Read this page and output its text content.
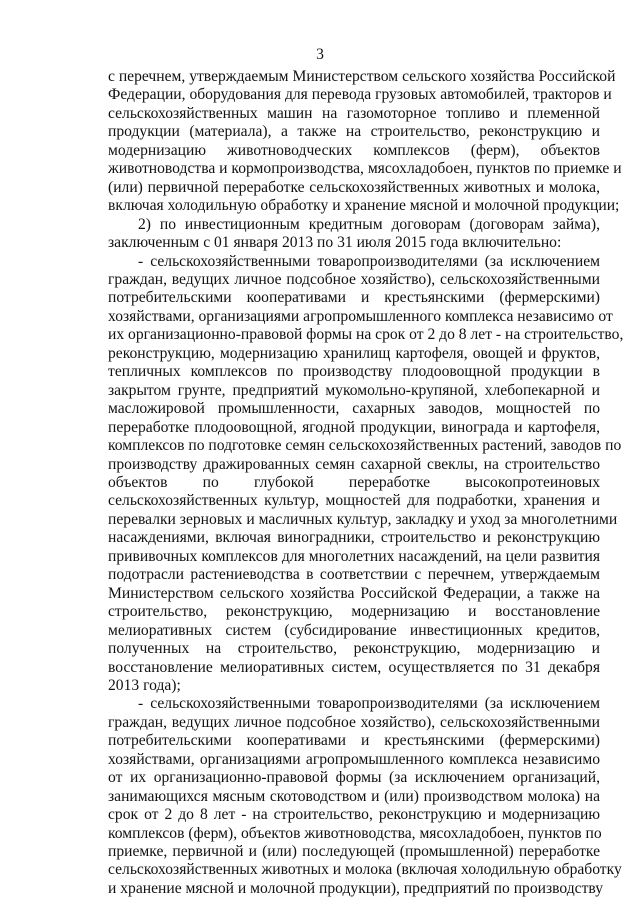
3
с перечнем, утверждаемым Министерством сельского хозяйства Российской
Федерации, оборудования для перевода грузовых автомобилей, тракторов и
сельскохозяйственных машин на газомоторное топливо и племенной
продукции (материала), а также на строительство, реконструкцию и
модернизацию животноводческих комплексов (ферм), объектов
животноводства и кормопроизводства, мясохладобоен, пунктов по приемке и
(или) первичной переработке сельскохозяйственных животных и молока,
включая холодильную обработку и хранение мясной и молочной продукции;
2) по инвестиционным кредитным договорам (договорам займа),
заключенным с 01 января 2013 по 31 июля 2015 года включительно:
- сельскохозяйственными товаропроизводителями (за исключением
граждан, ведущих личное подсобное хозяйство), сельскохозяйственными
потребительскими кооперативами и крестьянскими (фермерскими)
хозяйствами, организациями агропромышленного комплекса независимо от
их организационно-правовой формы на срок от 2 до 8 лет - на строительство,
реконструкцию, модернизацию хранилищ картофеля, овощей и фруктов,
тепличных комплексов по производству плодоовощной продукции в
закрытом грунте, предприятий мукомольно-крупяной, хлебопекарной и
масложировой промышленности, сахарных заводов, мощностей по
переработке плодоовощной, ягодной продукции, винограда и картофеля,
комплексов по подготовке семян сельскохозяйственных растений, заводов по
производству дражированных семян сахарной свеклы, на строительство
объектов по глубокой переработке высокопротеиновых
сельскохозяйственных культур, мощностей для подработки, хранения и
перевалки зерновых и масличных культур, закладку и уход за многолетними
насаждениями, включая виноградники, строительство и реконструкцию
прививочных комплексов для многолетних насаждений, на цели развития
подотрасли растениеводства в соответствии с перечнем, утверждаемым
Министерством сельского хозяйства Российской Федерации, а также на
строительство, реконструкцию, модернизацию и восстановление
мелиоративных систем (субсидирование инвестиционных кредитов,
полученных на строительство, реконструкцию, модернизацию и
восстановление мелиоративных систем, осуществляется по 31 декабря
2013 года);
- сельскохозяйственными товаропроизводителями (за исключением
граждан, ведущих личное подсобное хозяйство), сельскохозяйственными
потребительскими кооперативами и крестьянскими (фермерскими)
хозяйствами, организациями агропромышленного комплекса независимо
от их организационно-правовой формы (за исключением организаций,
занимающихся мясным скотоводством и (или) производством молока) на
срок от 2 до 8 лет - на строительство, реконструкцию и модернизацию
комплексов (ферм), объектов животноводства, мясохладобоен, пунктов по
приемке, первичной и (или) последующей (промышленной) переработке
сельскохозяйственных животных и молока (включая холодильную обработку
и хранение мясной и молочной продукции), предприятий по производству
